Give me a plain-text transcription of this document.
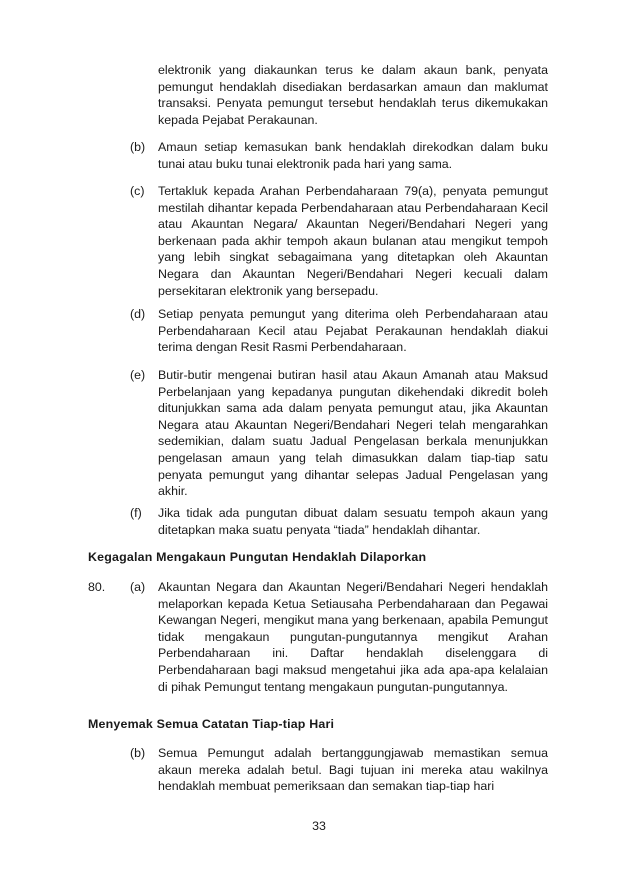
elektronik yang diakaunkan terus ke dalam akaun bank, penyata pemungut hendaklah disediakan berdasarkan amaun dan maklumat transaksi. Penyata pemungut tersebut hendaklah terus dikemukakan kepada Pejabat Perakaunan.
(b) Amaun setiap kemasukan bank hendaklah direkodkan dalam buku tunai atau buku tunai elektronik pada hari yang sama.
(c) Tertakluk kepada Arahan Perbendaharaan 79(a), penyata pemungut mestilah dihantar kepada Perbendaharaan atau Perbendaharaan Kecil atau Akauntan Negara/ Akauntan Negeri/Bendahari Negeri yang berkenaan pada akhir tempoh akaun bulanan atau mengikut tempoh yang lebih singkat sebagaimana yang ditetapkan oleh Akauntan Negara dan Akauntan Negeri/Bendahari Negeri kecuali dalam persekitaran elektronik yang bersepadu.
(d) Setiap penyata pemungut yang diterima oleh Perbendaharaan atau Perbendaharaan Kecil atau Pejabat Perakaunan hendaklah diakui terima dengan Resit Rasmi Perbendaharaan.
(e) Butir-butir mengenai butiran hasil atau Akaun Amanah atau Maksud Perbelanjaan yang kepadanya pungutan dikehendaki dikredit boleh ditunjukkan sama ada dalam penyata pemungut atau, jika Akauntan Negara atau Akauntan Negeri/Bendahari Negeri telah mengarahkan sedemikian, dalam suatu Jadual Pengelasan berkala menunjukkan pengelasan amaun yang telah dimasukkan dalam tiap-tiap satu penyata pemungut yang dihantar selepas Jadual Pengelasan yang akhir.
(f) Jika tidak ada pungutan dibuat dalam sesuatu tempoh akaun yang ditetapkan maka suatu penyata “tiada” hendaklah dihantar.
Kegagalan Mengakaun Pungutan Hendaklah Dilaporkan
80. (a) Akauntan Negara dan Akauntan Negeri/Bendahari Negeri hendaklah melaporkan kepada Ketua Setiausaha Perbendaharaan dan Pegawai Kewangan Negeri, mengikut mana yang berkenaan, apabila Pemungut tidak mengakaun pungutan-pungutannya mengikut Arahan Perbendaharaan ini. Daftar hendaklah diselenggara di Perbendaharaan bagi maksud mengetahui jika ada apa-apa kelalaian di pihak Pemungut tentang mengakaun pungutan-pungutannya.
Menyemak Semua Catatan Tiap-tiap Hari
(b) Semua Pemungut adalah bertanggungjawab memastikan semua akaun mereka adalah betul. Bagi tujuan ini mereka atau wakilnya hendaklah membuat pemeriksaan dan semakan tiap-tiap hari
33
